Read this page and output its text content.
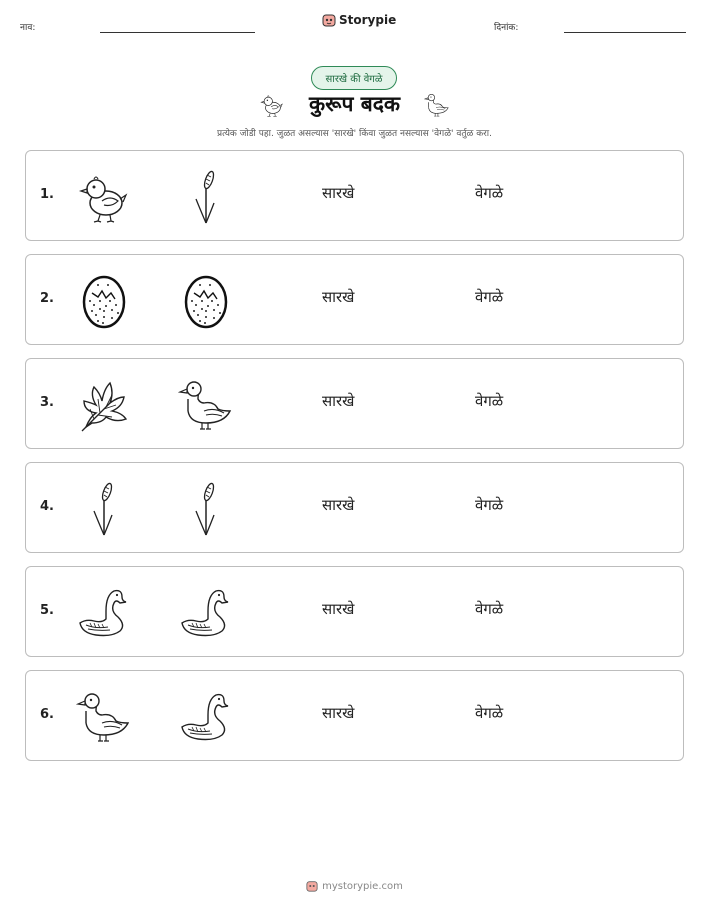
नाव:
Storypie
दिनांक:
सारखे की वेगळे
कुरूप बदक
प्रत्येक जोडी पहा. जुळत असल्यास 'सारखे' किंवा जुळत नसल्यास 'वेगळे' वर्तुळ करा.
1.	सारखे	वेगळे
2.	सारखे	वेगळे
3.	सारखे	वेगळे
4.	सारखे	वेगळे
5.	सारखे	वेगळे
6.	सारखे	वेगळे
mystorypie.com
